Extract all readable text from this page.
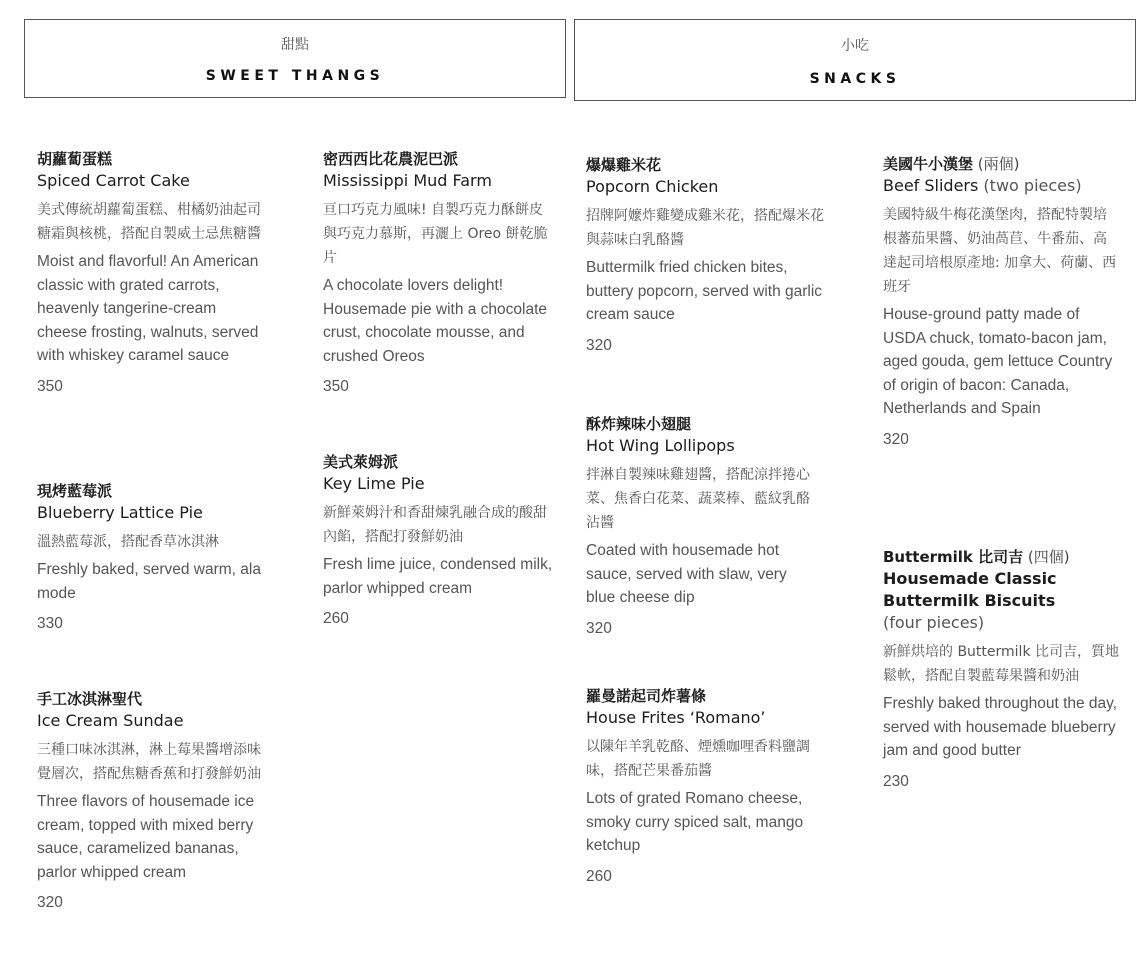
甜點
SWEET THANGS
小吃
SNACKS
胡蘿蔔蛋糕
Spiced Carrot Cake
美式傳統胡蘿蔔蛋糕、柑橘奶油起司糖霜與核桃，搭配自製威士忌焦糖醬
Moist and flavorful! An American classic with grated carrots, heavenly tangerine-cream cheese frosting, walnuts, served with whiskey caramel sauce
350
現烤藍莓派
Blueberry Lattice Pie
溫熱藍莓派，搭配香草冰淇淋
Freshly baked, served warm, ala mode
330
手工冰淇淋聖代
Ice Cream Sundae
三種口味冰淇淋，淋上莓果醬增添味覺層次，搭配焦糖香蕉和打發鮮奶油
Three flavors of housemade ice cream, topped with mixed berry sauce, caramelized bananas, parlor whipped cream
320
密西西比花農泥巴派
Mississippi Mud Farm
亘口巧克力風味! 自製巧克力酥餅皮與巧克力慕斯，再灑上 Oreo 餅乾脆片
A chocolate lovers delight! Housemade pie with a chocolate crust, chocolate mousse, and crushed Oreos
350
美式萊姆派
Key Lime Pie
新鮮萊姆汁和香甜煉乳融合成的酸甜內餡，搭配打發鮮奶油
Fresh lime juice, condensed milk, parlor whipped cream
260
爆爆雞米花
Popcorn Chicken
招牌阿嬤炸雞變成雞米花，搭配爆米花與蒜味白乳酪醬
Buttermilk fried chicken bites, buttery popcorn, served with garlic cream sauce
320
酥炸辣味小翅腿
Hot Wing Lollipops
拌淋自製辣味雞翅醬，搭配涼拌捲心菜、焦香白花菜、蔬菜棒、藍紋乳酪沾醬
Coated with housemade hot sauce, served with slaw, very blue cheese dip
320
羅曼諾起司炸薯條
House Frites ‘Romano’
以陳年羊乳乾酪、煙燻咖哩香料鹽調味，搭配芒果番茄醬
Lots of grated Romano cheese, smoky curry spiced salt, mango ketchup
260
美國牛小漢堡 (兩個)
Beef Sliders (two pieces)
美國特級牛梅花漢堡肉，搭配特製培根蕃茄果醬、奶油萵苣、牛番茄、高達起司培根原產地: 加拿大、荷蘭、西班牙
House-ground patty made of USDA chuck, tomato-bacon jam, aged gouda, gem lettuce Country of origin of bacon: Canada, Netherlands and Spain
320
Buttermilk 比司吉 (四個)
Housemade Classic Buttermilk Biscuits
(four pieces)
新鮮烘培的 Buttermilk 比司吉，質地鬆軟，搭配自製藍莓果醬和奶油
Freshly baked throughout the day, served with housemade blueberry jam and good butter
230
